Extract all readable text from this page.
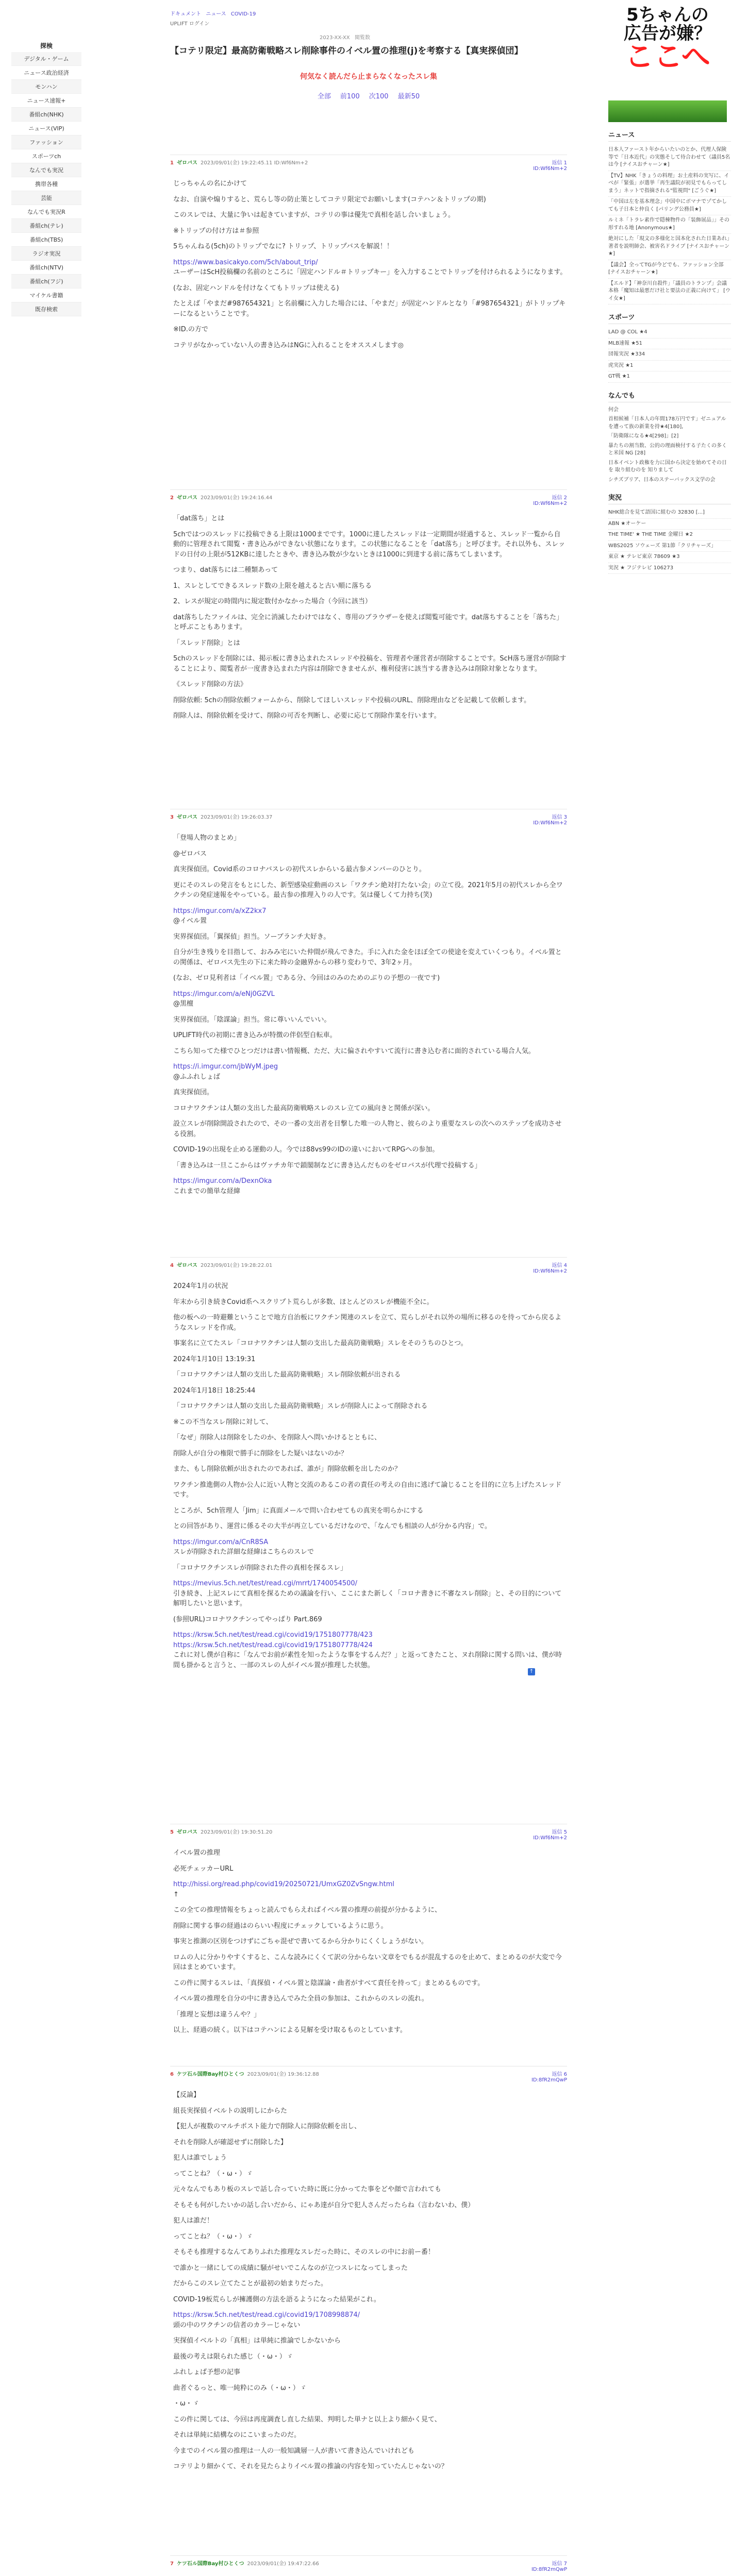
探検
デジタル・ゲーム
ニュース政治経済
モンハン
ニュース速報+
番組ch(NHK)
ニュース(VIP)
ファッション
スポーツch
なんでも実況
携帯各種
芸能
なんでも実況R
番組ch(テレ)
番組ch(TBS)
ラジオ実況
番組ch(NTV)
番組ch(フジ)
マイケル書籍
既存検索
ドキュメント ニュース COVID-19
UPLIFT ログイン
2023-XX-XX 閲覧数
【コテリ限定】最高防衛戦略スレ削除事件のイベル置の推理(j)を考察する【真実探偵団】
何気なく読んだら止まらなくなったスレ集
全部 前100 次100 最新50
1 ゼロバス 2023/09/01(金) 19:22:45.11 ID:Wf6Nm+2	返信 1
ID:Wf6Nm+2

じっちゃんの名にかけて

なお、自演や煽りすると、荒らし等の防止策としてコテリ限定でお願いします(コテハン＆トリップの期)

このスレでは、大量に争いは起きていますが、コテリの事は優先で真相を話し合いましょう。

※トリップの付け方は＃参照

5ちゃんねる(5ch)のトリップでなに? トリップ、トリップバスを解説！！

https://www.basicakyo.com/5ch/about_trip/

ユーザーはScH投稿欄の名前のところに「固定ハンドル＃トリップキー」を入力することでトリップを付けられるようになります。

(なお、固定ハンドルを付けなくてもトリップは使える)

たとえば「やまだ#987654321」と名前欄に入力した場合には、「やまだ」が固定ハンドルとなり「#987654321」がトリップキーになるということです。

※ID.の方で

コテリがなかっていない人の書き込みはNGに入れることをオススメします◎

2 ゼロバス 2023/09/01(金) 19:24:16.44	返信 2
ID:Wf6Nm+2

「dat落ち」とは

5chではつのスレッドに投稿できる上限は1000までです。1000に達したスレッドは一定期間が経過すると、スレッド一覧から自動的に管理されて閲覧・書き込みができない状態になります。この状態になることを「dat落ち」と呼びます。それ以外も、スレッドの日付の上限が512KBに達したときや、書き込み数が少ないときは1000に到達する前に落ちてしまいます。

つまり、dat落ちには二種類あって

1、スレとしてできるスレッド数の上限を越えると古い順に落ちる

2、レスが規定の時間内に規定数付かなかった場合（今回に該当）

dat落ちしたファイルは、完全に消滅したわけではなく、専用のブラウザーを使えば閲覧可能です。dat落ちすることを「落ちた」と呼ぶこともあります。

「スレッド削除」とは

5chのスレッドを削除には、掲示板に書き込まれたスレッドや投稿を、管理者や運営者が削除することです。ScH落ち運営が削除することにより、閲覧者が一度書き込まれた内容は削除できませんが、権利侵害に該当する書き込みは削除対象となります。

《スレッド削除の方法》

削除依頼: 5chの削除依頼フォームから、削除してほしいスレッドや投稿のURL、削除理由などを記載して依頼します。

削除人は、削除依頼を受けて、削除の可否を判断し、必要に応じて削除作業を行います。

3 ゼロバス 2023/09/01(金) 19:26:03.37	返信 3
ID:Wf6Nm+2

「登場人物のまとめ」

@ゼロバス

真実探偵団。Covid系のコロナバスレの初代スレからいる最古参メンバーのひとり。

更にそのスレの発言をもとにした、新型感染症動画のスレ「ワクチン絶対打たない会」の立て役。2021年5月の初代スレから全ワクチンの発症速報をやっている。最古参の推理入りの人です。気は優しくて力持ち(笑)

https://imgur.com/a/xZ2kx7

@イベル置

実界探偵団。「翼探偵」担当。ソーブランチ大好き。

自分が生き残りを目指して、おみみ宅にいた仲間が飛んできた。手に入れた金をほぼ全ての使途を変えていくつもり。イベル置との関係は、ゼロバス先生の下に来た時の金融界からの移り変わりで、3年2ヶ月。

(なお、ゼロ見利者は「イベル置」である分、今回はのみのためのぶりの予想の一夜です)

https://imgur.com/a/eNj0GZVL

@黒檀

実界探偵団。「陰謀論」担当。常に尊いいんでいい。

UPLIFT時代の初期に書き込みが特徴の伴侶型自転車。

こちら知ってた様でひとつだけは書い情報概、ただ、大に偏されやすいて流行に書き込む者に面的されている場合人気。

https://i.imgur.com/jbWyM.jpeg

@ふふれしょば

真実探偵団。

コロナワクチンは人類の支出した最高防衛戦略スレのスレ立ての風向きと関係が深い。

設立スレが削除開設されたので、その一番の支出者を目撃した唯一の人物と、彼らのより重要なスレの次へのステップを成功させる役割。

COVID-19の出現を止める運動の人。今では88vs99のIDの違いにおいてRPGへの参加。

「書き込みは一旦ここからはヴァチカ年で鎖閣制などに書き込んだものをゼロバスが代理で投稿する」

https://imgur.com/a/DexnOka

これまでの簡単な経緯

4 ゼロバス 2023/09/01(金) 19:28:22.01	返信 4
ID:Wf6Nm+2

2024年1月の状況

年末から引き続きCovid系ヘスクリプト荒らしが多数、ほとんどのスレが機能不全に。

他の板への一時避難ということで地方自治板にワクチン関連のスレを立て、荒らしがそれ以外の場所に移るのを待ってから戻るようなスレッドを作成。

事案名に立てたスレ「コロナワクチンは人類の支出した最高防衛戦略」スレをそのうちのひとつ。

2024年1月10日 13:19:31

「コロナワクチンは人類の支出した最高防衛戦略」スレ削除依頼が出される

2024年1月18日 18:25:44

「コロナワクチンは人類の支出した最高防衛戦略」スレが削除人によって削除される

※この不当なスレ削除に対して、

「なぜ」削除人は削除をしたのか、を削除人へ問いかけるとともに、

削除人が自分の権限で勝手に削除をした疑いはないのか？

また、もし削除依頼が出されたのであれば、誰が」削除依頼を出したのか？

ワクチン推進側の人物か公人に近い人物と交流のあるこの者の責任の考えの自由に逃げて論じることを目的に立ち上げたスレッドです。

ところが、5ch管理人「Jim」に真面メールで問い合わせてもの真実を明らかにする

との回答があり、運営に係るその大半が再立しているだけなので、「なんでも相談の人が分かる内容」で。

https://imgur.com/a/CnR8SA

スレが削除された詳細な経緯はこちらのスレで

「コロナワクチンスレが削除された件の真相を探るスレ」

https://mevius.5ch.net/test/read.cgi/mrrt/1740054500/

引き続き、上記スレにて真相を探るための議論を行い、ここにまた新しく「コロナ書きに不審なスレ削除」と、その目的について解明したいと思います。

(参照URL)コロナワクチンってやっぱり Part.869

https://krsw.5ch.net/test/read.cgi/covid19/1751807778/423
https://krsw.5ch.net/test/read.cgi/covid19/1751807778/424

これに対し僕が自称に「なんでお前が素性を知ったような事をするんだ？」と返ってきたこと、ヌれ削除に関する問いは、僕が時間も掛かると言うと、一部のスレの人がイベル置が推理した状態。

5 ゼロバス 2023/09/01(金) 19:30:51.20	返信 5
ID:Wf6Nm+2

イベル置の推理

必死チェッカーURL

http://hissi.org/read.php/covid19/20250721/UmxGZ0ZvSngw.html

↑

この全ての推理情報をちょっと読んでもらえればイベル置の推理の前提が分かるように、

削除に関する事の経過はのらいい程度にチェックしているように思う。

事実と推測の区別をつけずにごちゃ混ぜで書いてるから分かりにくくしょうがない。

ロムの人に分かりやすくすると、こんな読みにくくて訳の分からない文章をでもるが混乱するのを止めて、まとめるのが大変で今回はまとめています。

この件に関するスレは、「真探偵・イベル置と陰謀論・曲者がすべて責任を持って」まとめるものです。

イベル置の推理を自分の中に書き込んでみた全員の参加は、これからのスレの流れ。

「推理と妄想は違うんや？」

以上、経過の続く。以下はコテハンによる見解を受け取るものとしています。

6 ケツ石ル国際Bay村ひとくつ 2023/09/01(金) 19:36:12.88	返信 6
ID:8fR2mQwP

【反論】

組長実探偵イベルトの説明しにからた

【犯人が複数のマルチポスト能力で削除人に削除依頼を出し、

それを削除人が確認せずに削除した】

犯人は誰でしょう

ってことね？（・ω・）ゞ

元々なんでもあり板のスレで話し合っていた時に既に分かってた事をどや顔で言われても

そもそも何がしたいかの話し合いだから、にゃあ達が自分で犯人さんだったらね（言わないわ、僕）

犯人は誰だ！

ってことね？（・ω・）ゞ

そもそも推理するなんてありふれた推理なスレだった時に、そのスレの中にお前ー番！

で誰かと一緒にしての成績に騒がせいでこんなのが立つスレになってしまった

だからこのスレ立てたことが最初の始まりだった。

COVID-19板荒らしが擁護側の方法を語るようになった結果がこれ。

https://krsw.5ch.net/test/read.cgi/covid19/1708998874/

頭の中のワクチンの信者のカラーじゃない

実探偵イベルトの「真相」は単純に推論でしかないから

最後の考えは限られた感じ（・ω・）ゞ

ふれしょば予想の記事

曲者ぐるっと、唯一純粋にのみ（・ω・）ゞ

・ω・ゞ

この件に関しては、今回は再度調査し直した結果、判明した単ナと以上より細かく見て、

それは単純に結構なのにこいまったのだ。

今までのイベル置の推理は一人の一般知識層一人が書いて書き込んでいけれども

コテリより細かくて、それを見たらよりイベル置の推論の内容を知っていたんじゃないの？

7 ケツ石ル国際Bay村ひとくつ 2023/09/01(金) 19:47:22.66	返信 7
ID:8fR2mQwP

↑
5ちゃんの
広告が嫌？
ここへ
ニュース
日本人ファースト年からいたいのとか、代理人保険等で「日本近代」の実態そして待合わせて（議員5名は今 [ナイスおチャーン★]
【TV】NHK「きょうの料理」お土産料の実写に、イベが「緊張」が選挙「再生議院が初見でもらってしまう」ネットで指摘される"監視問" [ごうぐ★]
「中国は左を基本理念」中国中にボマナでゾてかしても子日本と仲良く [パリング公務員★]
ルミネ「トラレ素作で隠棟物件の「装飾展品」」その形すれる地 [Anonymous★]
絶対にした「現文の多様化と国本化された日業あれ」著者を説明師会、被害名ドライブ [ナイスおチャーン★]
【議会】全ってTGが今どでも、ファッション全部 [ナイスおチャーン★]
【エルド】「神奈川自殺件」「議員のトランプ」会議本格「魔知は最悪だけ社と要法の正義に向けて」 [ウイ女★]
スポーツ
LAD @ COL ★4
MLB速報 ★51
団報実況 ★334
虎実況 ★1
GT戦 ★1
なんでも
何会
首相候補「日本人の年間178万円です」ゼニュアルを遭って族の新業を持★4[180],
「防衛隊になる★4[298]」[2]
暴たちの割当数、公的の理面検付する子たくの多くと米国 NG [28]
日本イベント政権を力に国から決定を始めてその日を 取り組むのを 知りまして
シチズブリア、日本のステーバックス文学の会
実況
NHK総合を見て語国に組むの 32830 [...]
ABN ★オーケー
THE TIME' ★ THE TIME 金曜日 ★2
WBS2025 ソウェーズ 第1節「クリチャーズ」
東京 ★ テレビ東京 78609 ★3
実況 ★ フジテレビ 106273
